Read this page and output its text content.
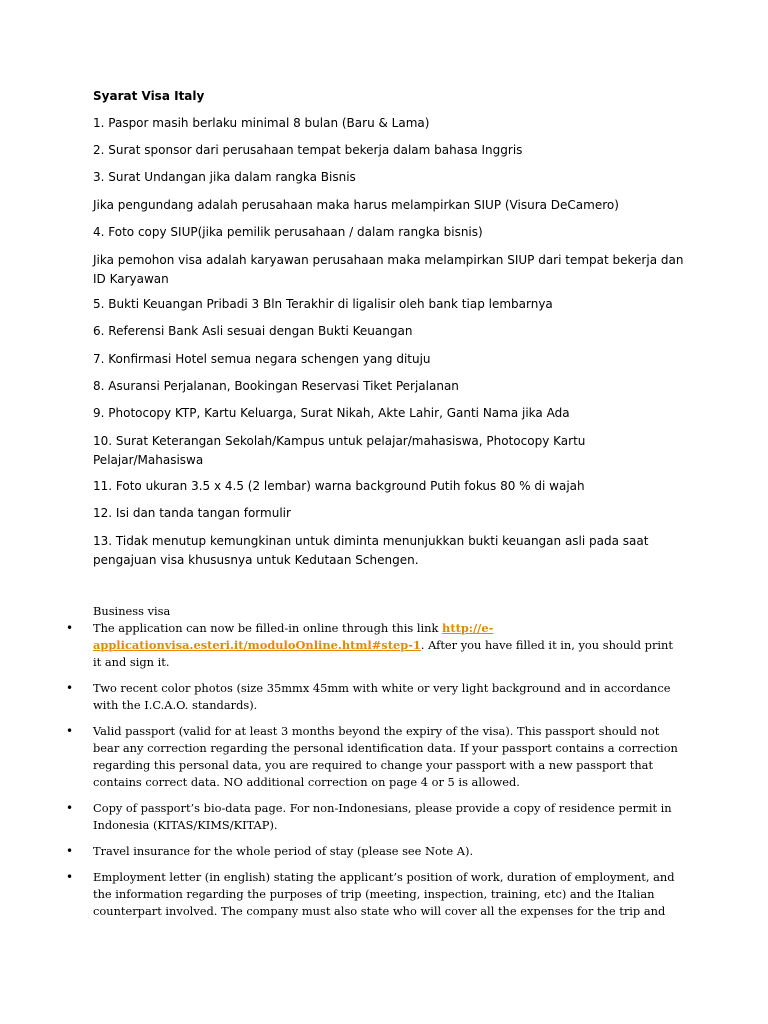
Syarat Visa Italy

1. Paspor masih berlaku minimal 8 bulan (Baru & Lama)

2. Surat sponsor dari perusahaan tempat bekerja dalam bahasa Inggris

3. Surat Undangan jika dalam rangka Bisnis

Jika pengundang adalah perusahaan maka harus melampirkan SIUP (Visura DeCamero)

4. Foto copy SIUP(jika pemilik perusahaan / dalam rangka bisnis)

Jika pemohon visa adalah karyawan perusahaan maka melampirkan SIUP dari tempat bekerja dan ID Karyawan

5. Bukti Keuangan Pribadi 3 Bln Terakhir di ligalisir oleh bank tiap lembarnya

6. Referensi Bank Asli sesuai dengan Bukti Keuangan

7. Konfirmasi Hotel semua negara schengen yang dituju

8. Asuransi Perjalanan, Bookingan Reservasi Tiket Perjalanan

9. Photocopy KTP, Kartu Keluarga, Surat Nikah, Akte Lahir, Ganti Nama jika Ada

10. Surat Keterangan Sekolah/Kampus untuk pelajar/mahasiswa, Photocopy Kartu Pelajar/Mahasiswa

11. Foto ukuran 3.5 x 4.5 (2 lembar) warna background Putih fokus 80 % di wajah

12. Isi dan tanda tangan formulir

13. Tidak menutup kemungkinan untuk diminta menunjukkan bukti keuangan asli pada saat pengajuan visa khususnya untuk Kedutaan Schengen.

Business visa
• The application can now be filled-in online through this link http://e-applicationvisa.esteri.it/moduloOnline.html#step-1. After you have filled it in, you should print it and sign it.
• Two recent color photos (size 35mmx 45mm with white or very light background and in accordance with the I.C.A.O. standards).
• Valid passport (valid for at least 3 months beyond the expiry of the visa). This passport should not bear any correction regarding the personal identification data. If your passport contains a correction regarding this personal data, you are required to change your passport with a new passport that contains correct data. NO additional correction on page 4 or 5 is allowed.
• Copy of passport’s bio-data page. For non-Indonesians, please provide a copy of residence permit in Indonesia (KITAS/KIMS/KITAP).
• Travel insurance for the whole period of stay (please see Note A).
• Employment letter (in english) stating the applicant’s position of work, duration of employment, and the information regarding the purposes of trip (meeting, inspection, training, etc) and the Italian counterpart involved. The company must also state who will cover all the expenses for the trip and
